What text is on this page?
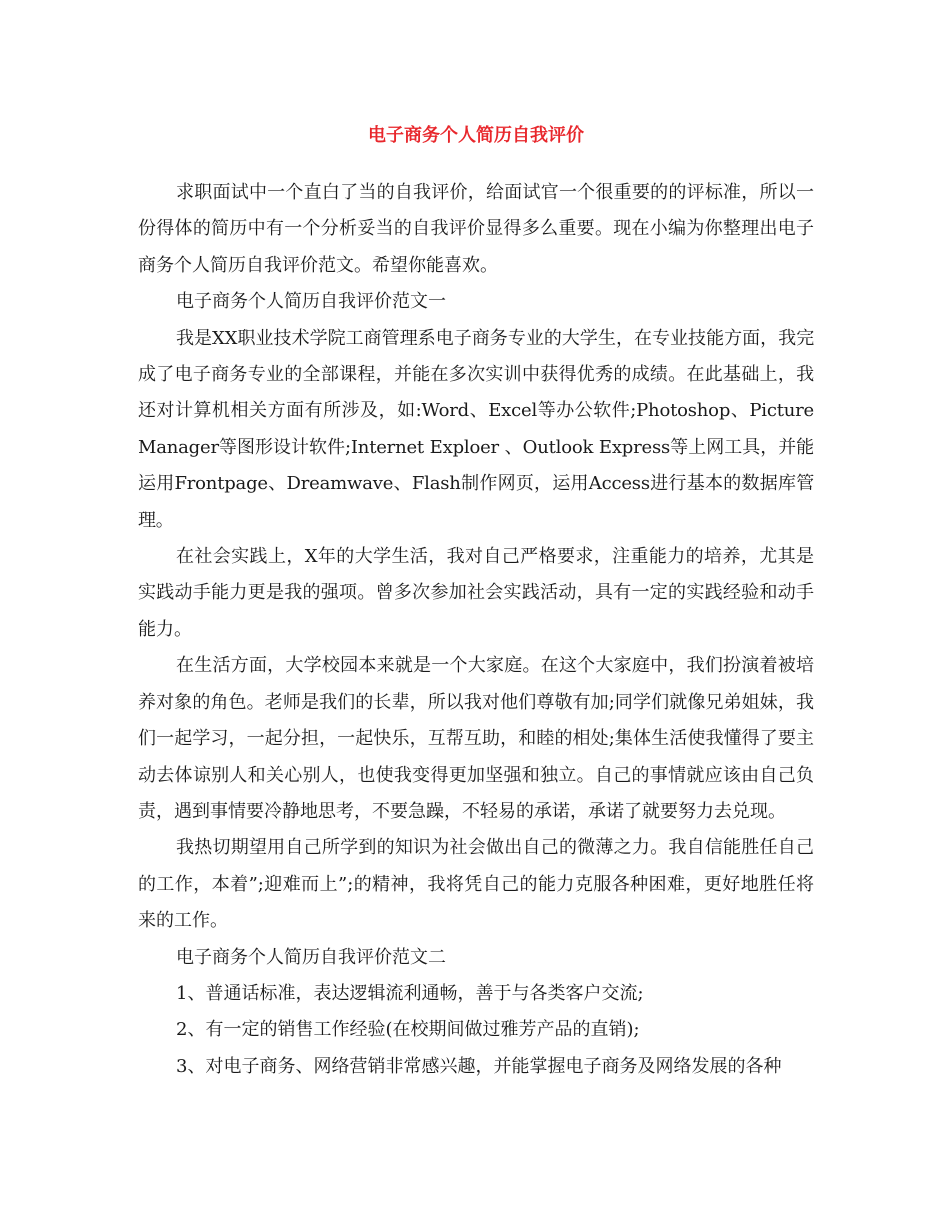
电子商务个人简历自我评价

求职面试中一个直白了当的自我评价，给面试官一个很重要的的评标准，所以一份得体的简历中有一个分析妥当的自我评价显得多么重要。现在小编为你整理出电子商务个人简历自我评价范文。希望你能喜欢。

电子商务个人简历自我评价范文一

我是XX职业技术学院工商管理系电子商务专业的大学生，在专业技能方面，我完成了电子商务专业的全部课程，并能在多次实训中获得优秀的成绩。在此基础上，我还对计算机相关方面有所涉及，如:Word、Excel等办公软件;Photoshop、Picture Manager等图形设计软件;Internet Exploer 、Outlook Express等上网工具，并能运用Frontpage、Dreamwave、Flash制作网页，运用Access进行基本的数据库管理。

在社会实践上，X年的大学生活，我对自己严格要求，注重能力的培养，尤其是实践动手能力更是我的强项。曾多次参加社会实践活动，具有一定的实践经验和动手能力。

在生活方面，大学校园本来就是一个大家庭。在这个大家庭中，我们扮演着被培养对象的角色。老师是我们的长辈，所以我对他们尊敬有加;同学们就像兄弟姐妹，我们一起学习，一起分担，一起快乐，互帮互助，和睦的相处;集体生活使我懂得了要主动去体谅别人和关心别人，也使我变得更加坚强和独立。自己的事情就应该由自己负责，遇到事情要冷静地思考，不要急躁，不轻易的承诺，承诺了就要努力去兑现。

我热切期望用自己所学到的知识为社会做出自己的微薄之力。我自信能胜任自己的工作，本着”;迎难而上”;的精神，我将凭自己的能力克服各种困难，更好地胜任将来的工作。

电子商务个人简历自我评价范文二

1、普通话标准，表达逻辑流利通畅，善于与各类客户交流;

2、有一定的销售工作经验(在校期间做过雅芳产品的直销);

3、对电子商务、网络营销非常感兴趣，并能掌握电子商务及网络发展的各种
